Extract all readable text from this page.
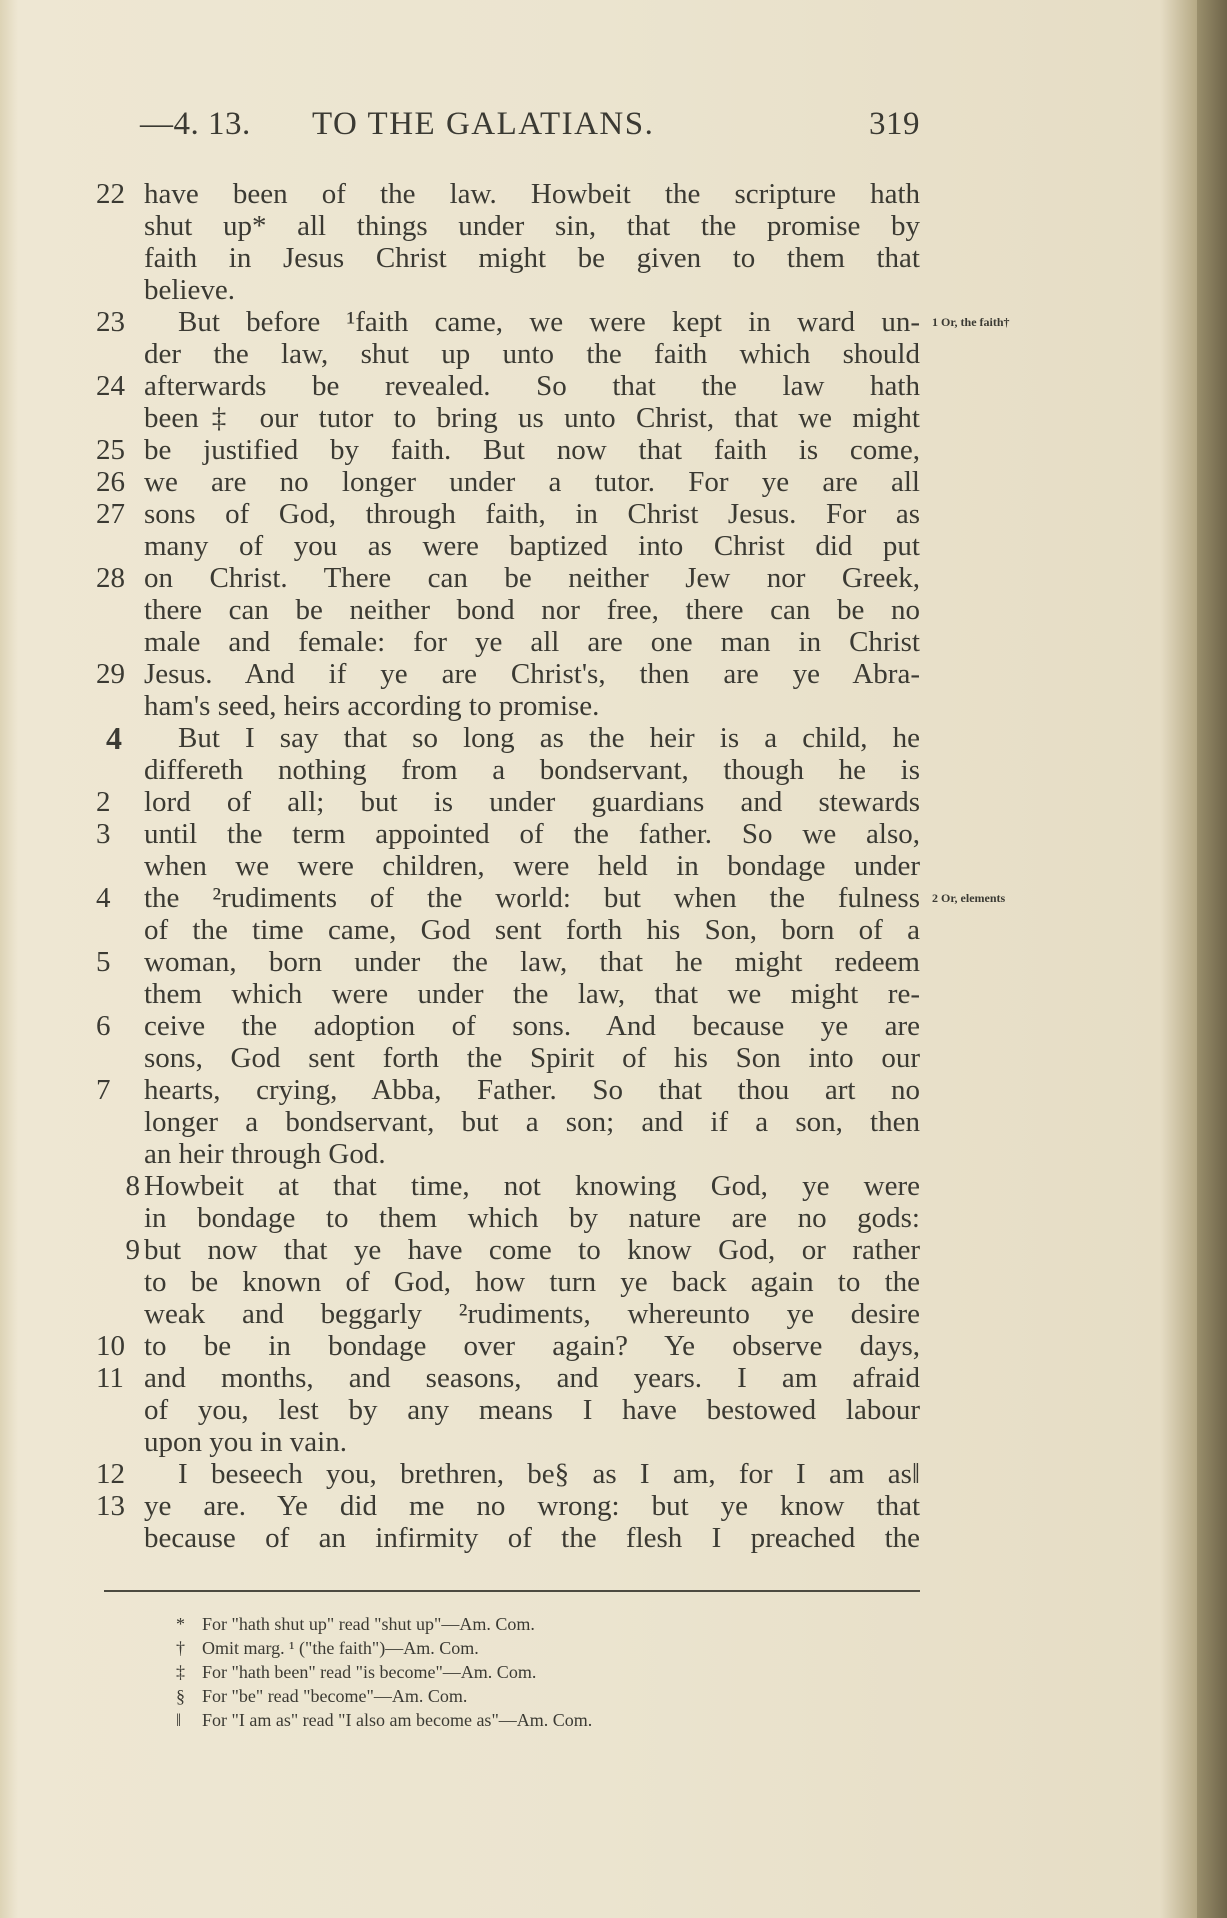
—4. 13. TO THE GALATIANS.	319
22 have been of the law. Howbeit the scripture hath
shut up* all things under sin, that the promise by
faith in Jesus Christ might be given to them that
believe.
23	But before ¹faith came, we were kept in ward un- 1 Or, the faith†
der the law, shut up unto the faith which should
24 afterwards be revealed. So that the law hath
been‡ our tutor to bring us unto Christ, that we might
25 be justified by faith. But now that faith is come,
26 we are no longer under a tutor. For ye are all
27 sons of God, through faith, in Christ Jesus. For as
many of you as were baptized into Christ did put
28 on Christ. There can be neither Jew nor Greek,
there can be neither bond nor free, there can be no
male and female: for ye all are one man in Christ
29 Jesus. And if ye are Christ's, then are ye Abra-
ham's seed, heirs according to promise.
4	But I say that so long as the heir is a child, he
differeth nothing from a bondservant, though he is
2	lord of all; but is under guardians and stewards
3	until the term appointed of the father. So we also,
when we were children, were held in bondage under
4	the ²rudiments of the world: but when the fulness 2 Or, elements
of the time came, God sent forth his Son, born of a
5	woman, born under the law, that he might redeem
them which were under the law, that we might re-
6	ceive the adoption of sons. And because ye are
sons, God sent forth the Spirit of his Son into our
7	hearts, crying, Abba, Father. So that thou art no
longer a bondservant, but a son; and if a son, then
an heir through God.
8 Howbeit at that time, not knowing God, ye were
in bondage to them which by nature are no gods:
9 but now that ye have come to know God, or rather
to be known of God, how turn ye back again to the
weak and beggarly ²rudiments, whereunto ye desire
10 to be in bondage over again? Ye observe days,
11 and months, and seasons, and years. I am afraid
of you, lest by any means I have bestowed labour
upon you in vain.
12	I beseech you, brethren, be§ as I am, for I am as‖
13 ye are. Ye did me no wrong: but ye know that
because of an infirmity of the flesh I preached the
* For "hath shut up" read "shut up"—Am. Com.
† Omit marg. ¹ ("the faith")—Am. Com.
‡ For "hath been" read "is become"—Am. Com.
§ For "be" read "become"—Am. Com.
‖ For "I am as" read "I also am become as"—Am. Com.
